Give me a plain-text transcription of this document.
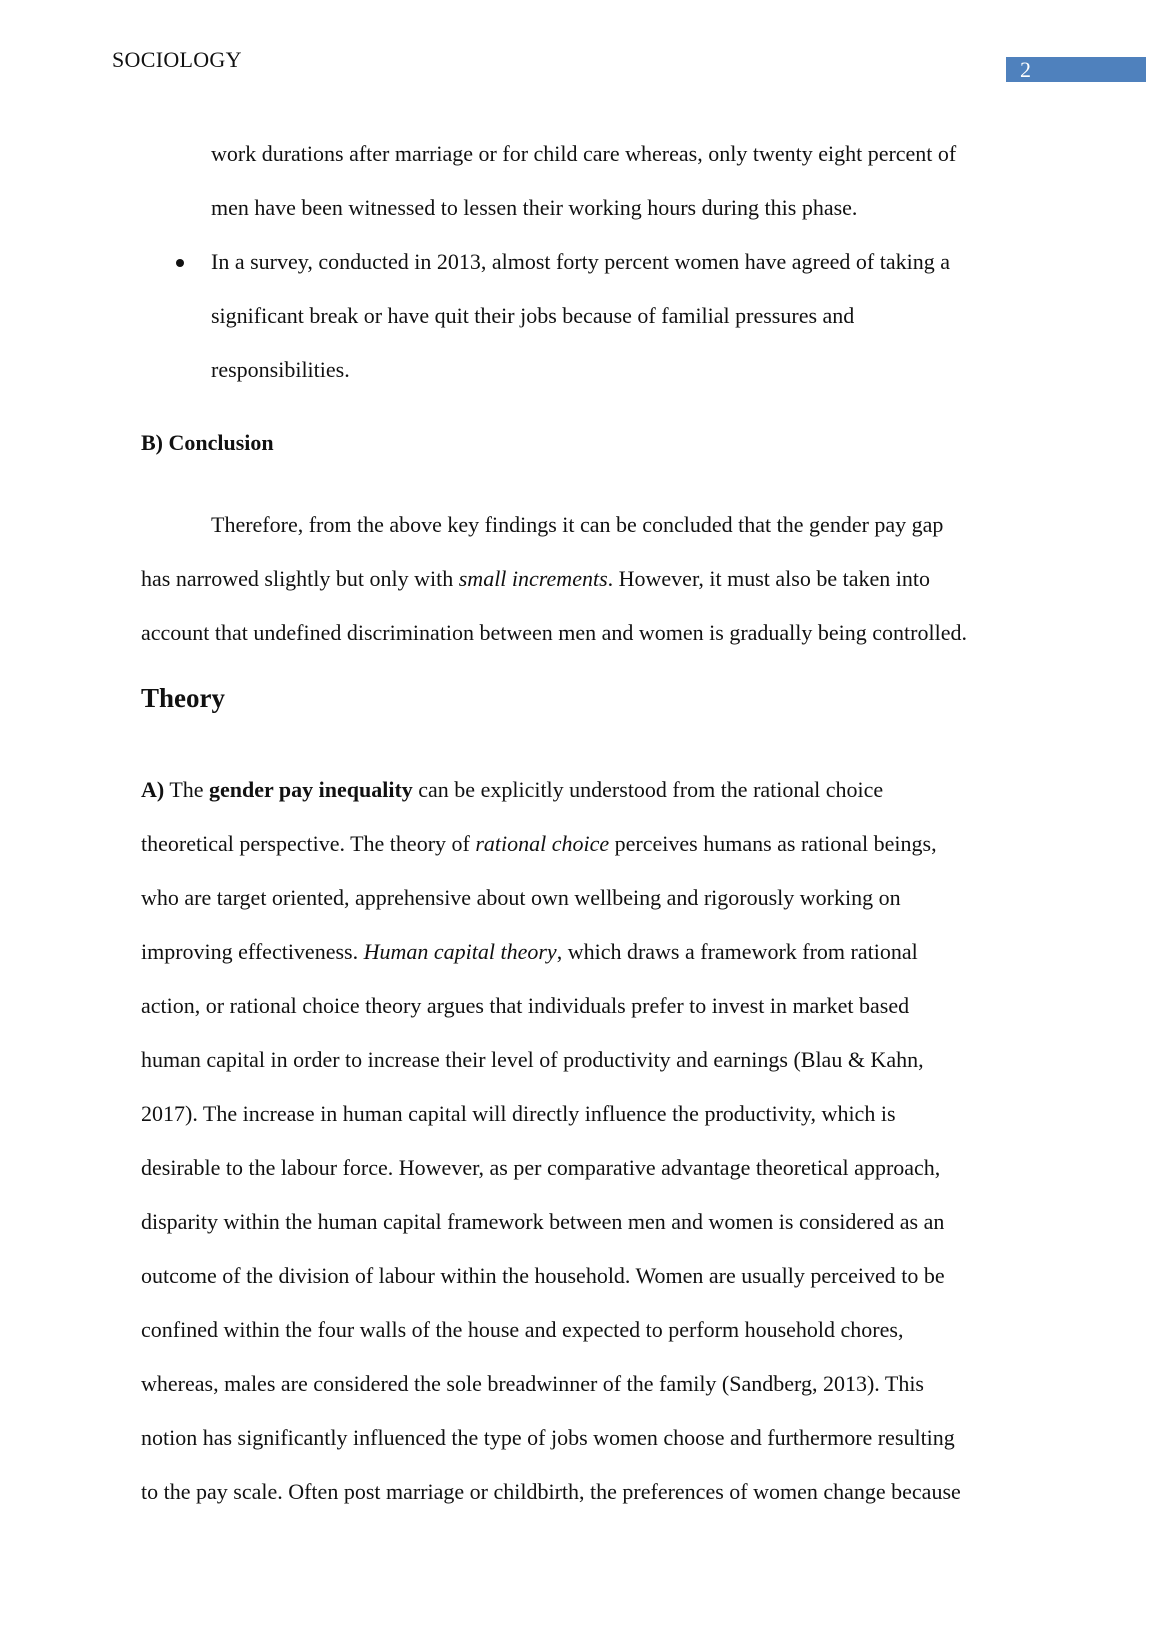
SOCIOLOGY	2

work durations after marriage or for child care whereas, only twenty eight percent of

men have been witnessed to lessen their working hours during this phase.

In a survey, conducted in 2013, almost forty percent women have agreed of taking a

significant break or have quit their jobs because of familial pressures and

responsibilities.

B) Conclusion

Therefore, from the above key findings it can be concluded that the gender pay gap

has narrowed slightly but only with small increments. However, it must also be taken into

account that undefined discrimination between men and women is gradually being controlled.

Theory

A) The gender pay inequality can be explicitly understood from the rational choice

theoretical perspective. The theory of rational choice perceives humans as rational beings,

who are target oriented, apprehensive about own wellbeing and rigorously working on

improving effectiveness. Human capital theory, which draws a framework from rational

action, or rational choice theory argues that individuals prefer to invest in market based

human capital in order to increase their level of productivity and earnings (Blau & Kahn,

2017). The increase in human capital will directly influence the productivity, which is

desirable to the labour force. However, as per comparative advantage theoretical approach,

disparity within the human capital framework between men and women is considered as an

outcome of the division of labour within the household. Women are usually perceived to be

confined within the four walls of the house and expected to perform household chores,

whereas, males are considered the sole breadwinner of the family (Sandberg, 2013). This

notion has significantly influenced the type of jobs women choose and furthermore resulting

to the pay scale. Often post marriage or childbirth, the preferences of women change because
